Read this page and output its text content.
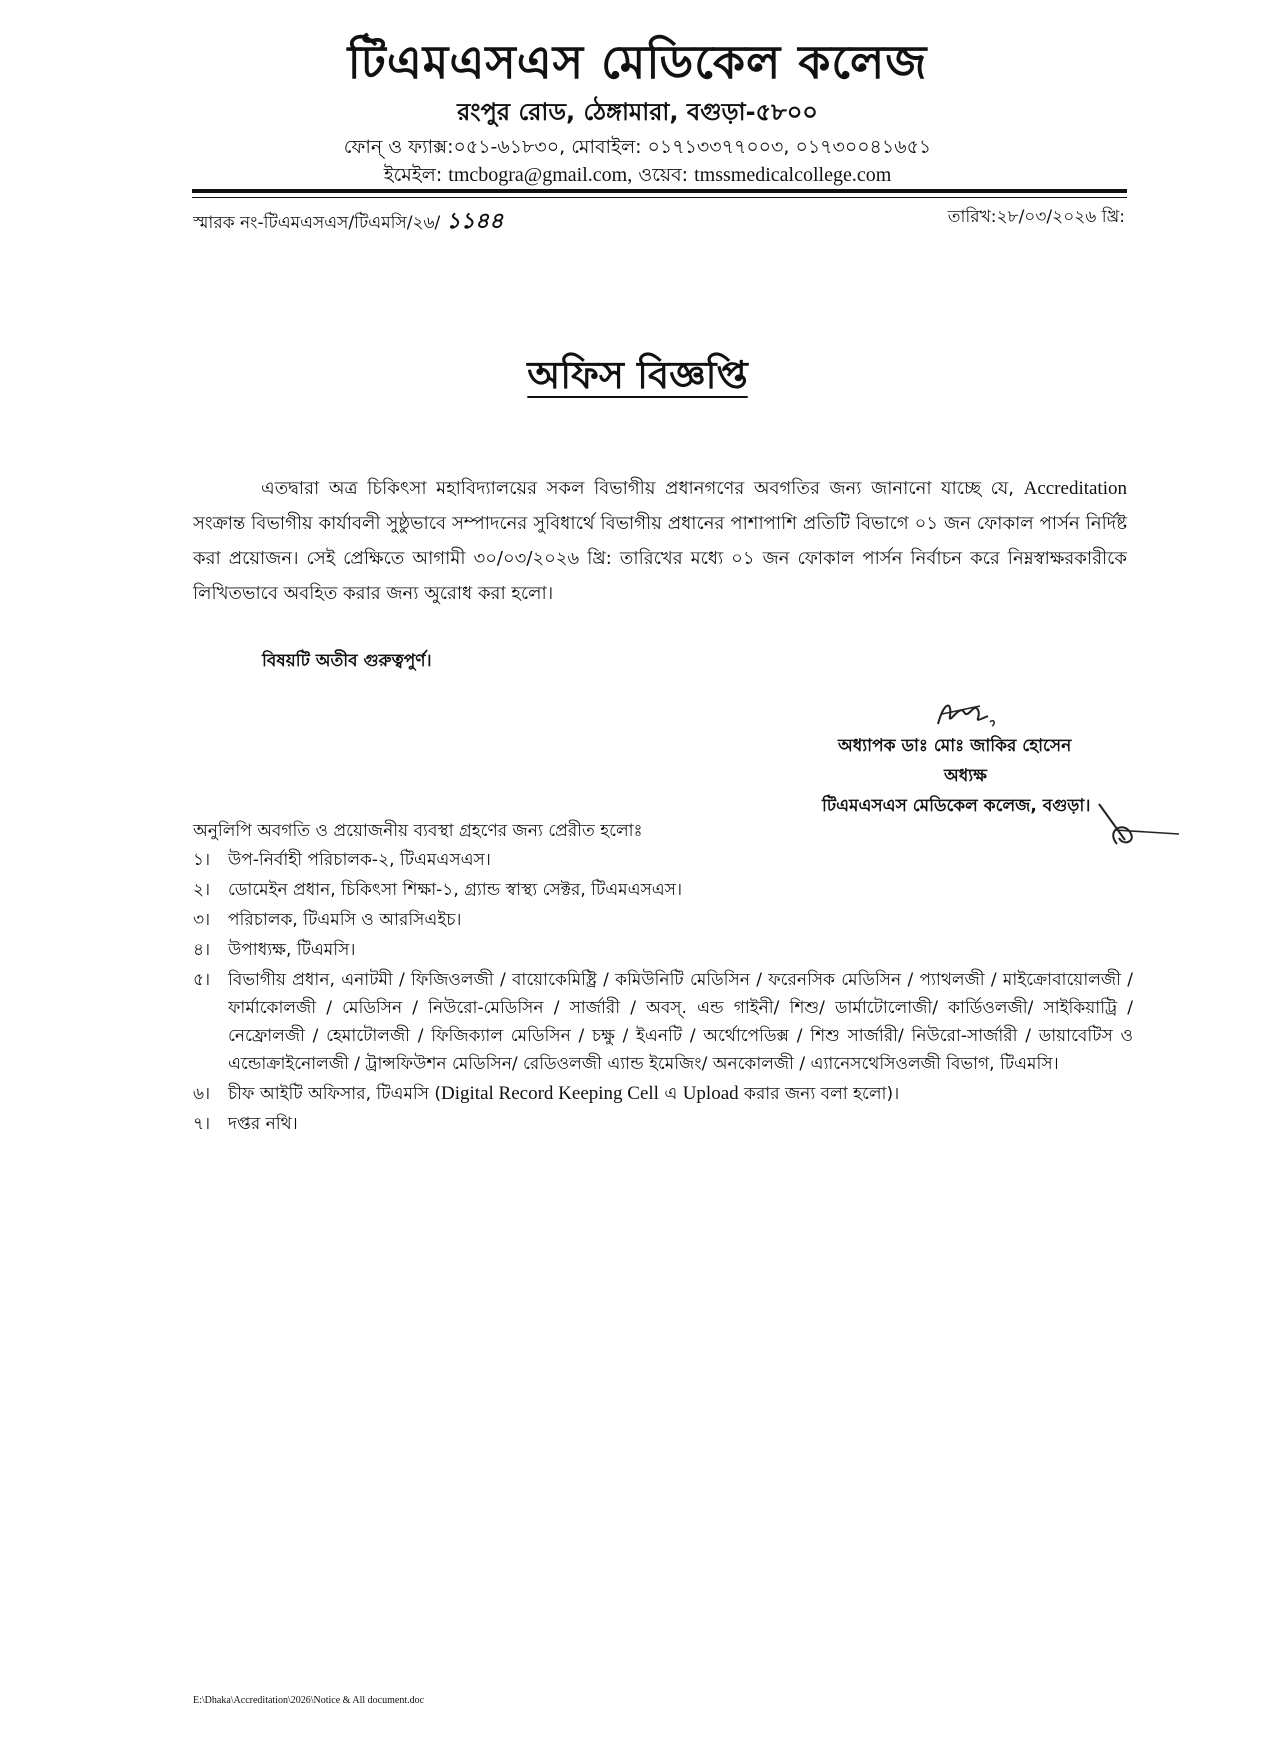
টিএমএসএস মেডিকেল কলেজ
রংপুর রোড, ঠেঙ্গামারা, বগুড়া-৫৮০০
ফোন্ ও ফ্যাক্স:০৫১-৬১৮৩০, মোবাইল: ০১৭১৩৩৭৭০০৩, ০১৭৩০০৪১৬৫১
ইমেইল: tmcbogra@gmail.com, ওয়েব: tmssmedicalcollege.com
স্মারক নং-টিএমএসএস/টিএমসি/২৬/ ১১৪৪	তারিখ:২৮/০৩/২০২৬ খ্রি:
অফিস বিজ্ঞপ্তি
এতদ্বারা অত্র চিকিৎসা মহাবিদ্যালয়ের সকল বিভাগীয় প্রধানগণের অবগতির জন্য জানানো যাচ্ছে যে, Accreditation সংক্রান্ত বিভাগীয় কার্যাবলী সুষ্ঠুভাবে সম্পাদনের সুবিধার্থে বিভাগীয় প্রধানের পাশাপাশি প্রতিটি বিভাগে ০১ জন ফোকাল পার্সন নির্দিষ্ট করা প্রয়োজন। সেই প্রেক্ষিতে আগামী ৩০/০৩/২০২৬ খ্রি: তারিখের মধ্যে ০১ জন ফোকাল পার্সন নির্বাচন করে নিম্নস্বাক্ষরকারীকে লিখিতভাবে অবহিত করার জন্য অুরোধ করা হলো।
বিষয়টি অতীব গুরুত্বপুর্ণ।
অধ্যাপক ডাঃ মোঃ জাকির হোসেন
অধ্যক্ষ
টিএমএসএস মেডিকেল কলেজ, বগুড়া।
অনুলিপি অবগতি ও প্রয়োজনীয় ব্যবস্থা গ্রহণের জন্য প্রেরীত হলোঃ
১। উপ-নির্বাহী পরিচালক-২, টিএমএসএস।
২। ডোমেইন প্রধান, চিকিৎসা শিক্ষা-১, গ্র্যান্ড স্বাস্থ্য সেক্টর, টিএমএসএস।
৩। পরিচালক, টিএমসি ও আরসিএইচ।
৪। উপাধ্যক্ষ, টিএমসি।
৫। বিভাগীয় প্রধান, এনাটমী / ফিজিওলজী / বায়োকেমিষ্ট্রি / কমিউনিটি মেডিসিন / ফরেনসিক মেডিসিন / প্যাথলজী / মাইক্রোবায়োলজী / ফার্মাকোলজী / মেডিসিন / নিউরো-মেডিসিন / সার্জারী / অবস্. এন্ড গাইনী/ শিশু/ ডার্মাটোলোজী/ কার্ডিওলজী/ সাইকিয়াট্রি / নেফ্রোলজী / হেমাটোলজী / ফিজিক্যাল মেডিসিন / চক্ষু / ইএনটি / অর্থোপেডিক্স / শিশু সার্জারী/ নিউরো-সার্জারী / ডায়াবেটিস ও এন্ডোক্রাইনোলজী / ট্রান্সফিউশন মেডিসিন/ রেডিওলজী এ্যান্ড ইমেজিং/ অনকোলজী / এ্যানেসথেসিওলজী বিভাগ, টিএমসি।
৬। চীফ আইটি অফিসার, টিএমসি (Digital Record Keeping Cell এ Upload করার জন্য বলা হলো)।
৭। দপ্তর নথি।
E:\Dhaka\Accreditation\2026\Notice & All document.doc
